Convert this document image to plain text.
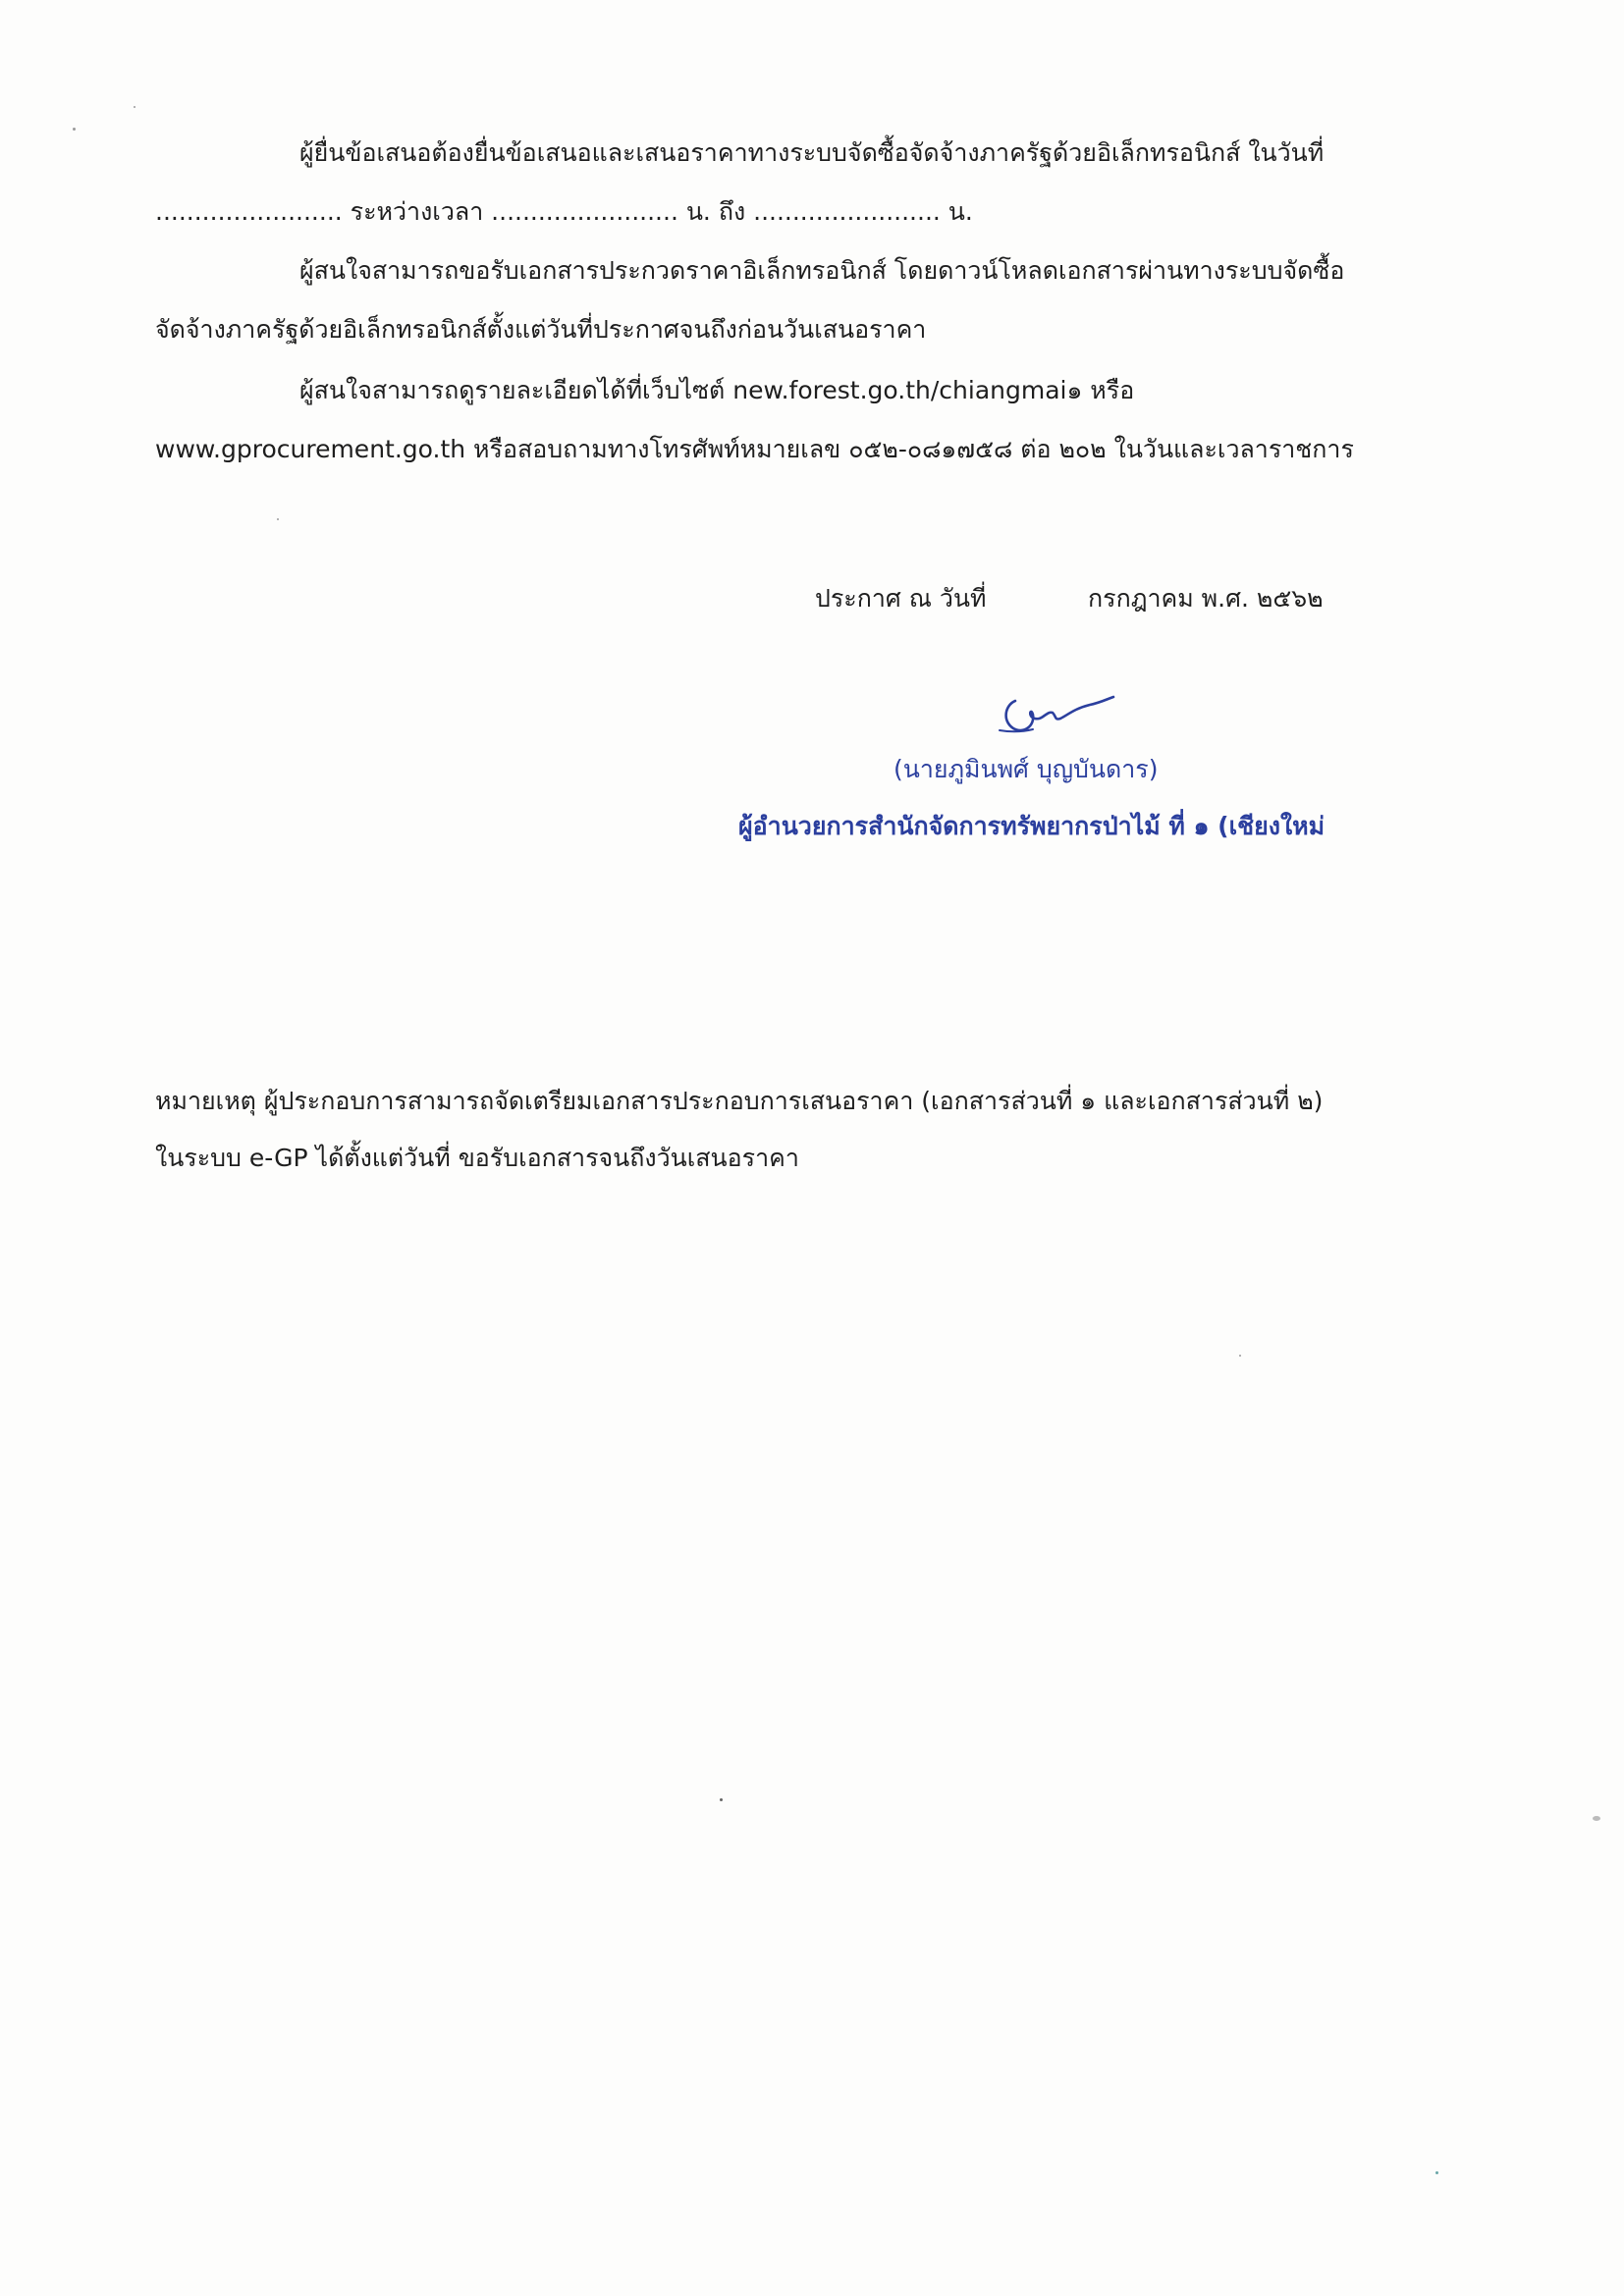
ผู้ยื่นข้อเสนอต้องยื่นข้อเสนอและเสนอราคาทางระบบจัดซื้อจัดจ้างภาครัฐด้วยอิเล็กทรอนิกส์ ในวันที่
........................ ระหว่างเวลา ........................ น. ถึง ........................ น.
ผู้สนใจสามารถขอรับเอกสารประกวดราคาอิเล็กทรอนิกส์ โดยดาวน์โหลดเอกสารผ่านทางระบบจัดซื้อ
จัดจ้างภาครัฐด้วยอิเล็กทรอนิกส์ตั้งแต่วันที่ประกาศจนถึงก่อนวันเสนอราคา
ผู้สนใจสามารถดูรายละเอียดได้ที่เว็บไซต์ new.forest.go.th/chiangmai๑ หรือ
www.gprocurement.go.th หรือสอบถามทางโทรศัพท์หมายเลข ๐๕๒-๐๘๑๗๕๘ ต่อ ๒๐๒ ในวันและเวลาราชการ
ประกาศ ณ วันที่	กรกฎาคม พ.ศ. ๒๕๖๒
(นายภูมินพศ์ บุญบันดาร)
ผู้อำนวยการสำนักจัดการทรัพยากรป่าไม้ ที่ ๑ (เชียงใหม่
หมายเหตุ ผู้ประกอบการสามารถจัดเตรียมเอกสารประกอบการเสนอราคา (เอกสารส่วนที่ ๑ และเอกสารส่วนที่ ๒)
ในระบบ e-GP ได้ตั้งแต่วันที่ ขอรับเอกสารจนถึงวันเสนอราคา
